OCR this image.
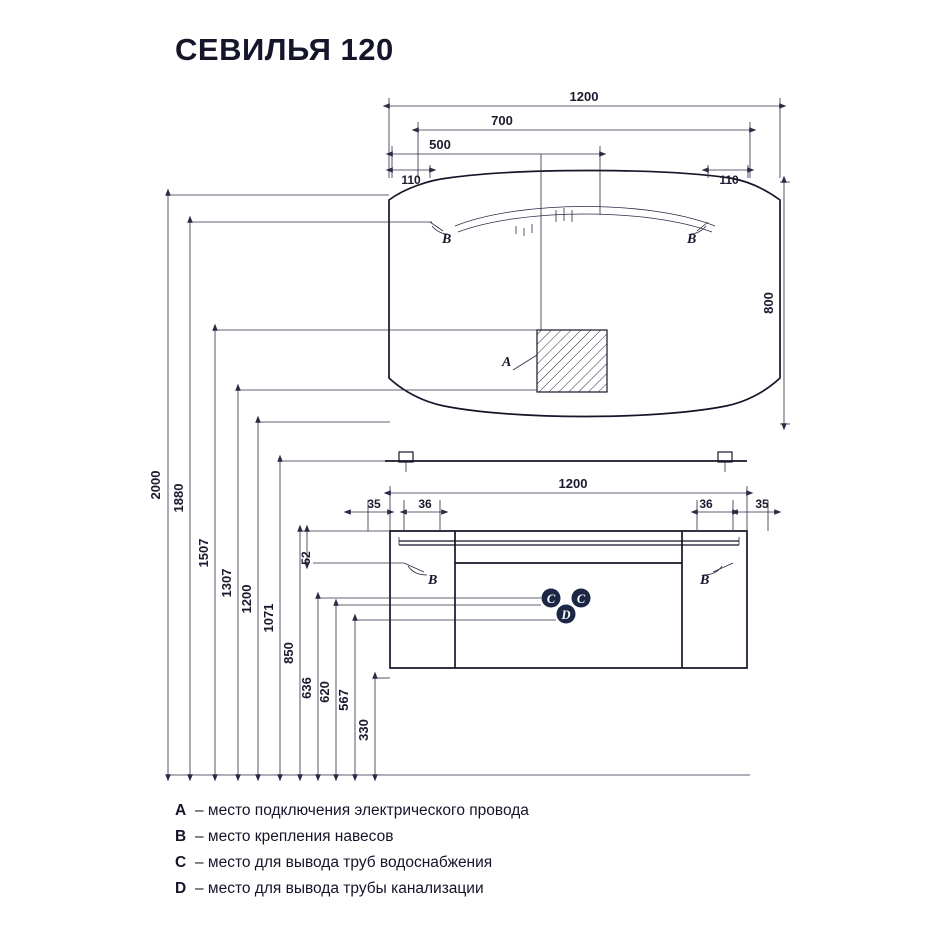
СЕВИЛЬЯ 120
1200
700
500
110	110
800
B	B
A
1200
35	36	36	35
B	B
C C
D
2000 1880
1507
1307
1200
1071
850
52
636 620 567
330
A – место подключения электрического провода
B – место крепления навесов
C – место для вывода труб водоснабжения
D – место для вывода трубы канализации
